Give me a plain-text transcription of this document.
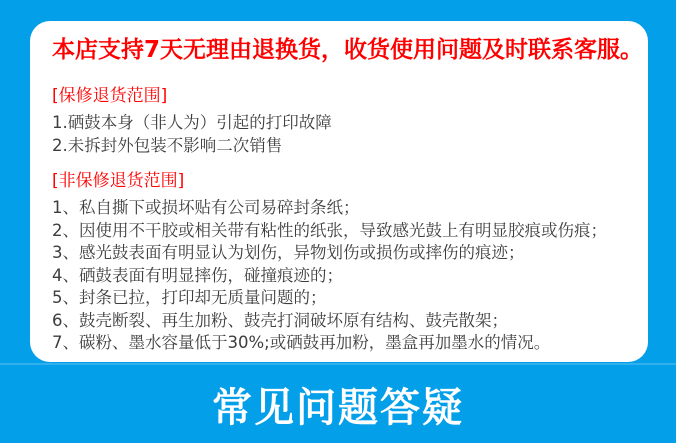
本店支持7天无理由退换货，收货使用问题及时联系客服。
[保修退货范围]
1.硒鼓本身（非人为）引起的打印故障
2.未拆封外包装不影响二次销售
[非保修退货范围]
1、私自撕下或损坏贴有公司易碎封条纸；
2、因使用不干胶或相关带有粘性的纸张，导致感光鼓上有明显胶痕或伤痕；
3、感光鼓表面有明显认为划伤，异物划伤或损伤或摔伤的痕迹；
4、硒鼓表面有明显摔伤，碰撞痕迹的；
5、封条已拉，打印却无质量问题的；
6、鼓壳断裂、再生加粉、鼓壳打洞破坏原有结构、鼓壳散架；
7、碳粉、墨水容量低于30%;或硒鼓再加粉，墨盒再加墨水的情况。
常见问题答疑
